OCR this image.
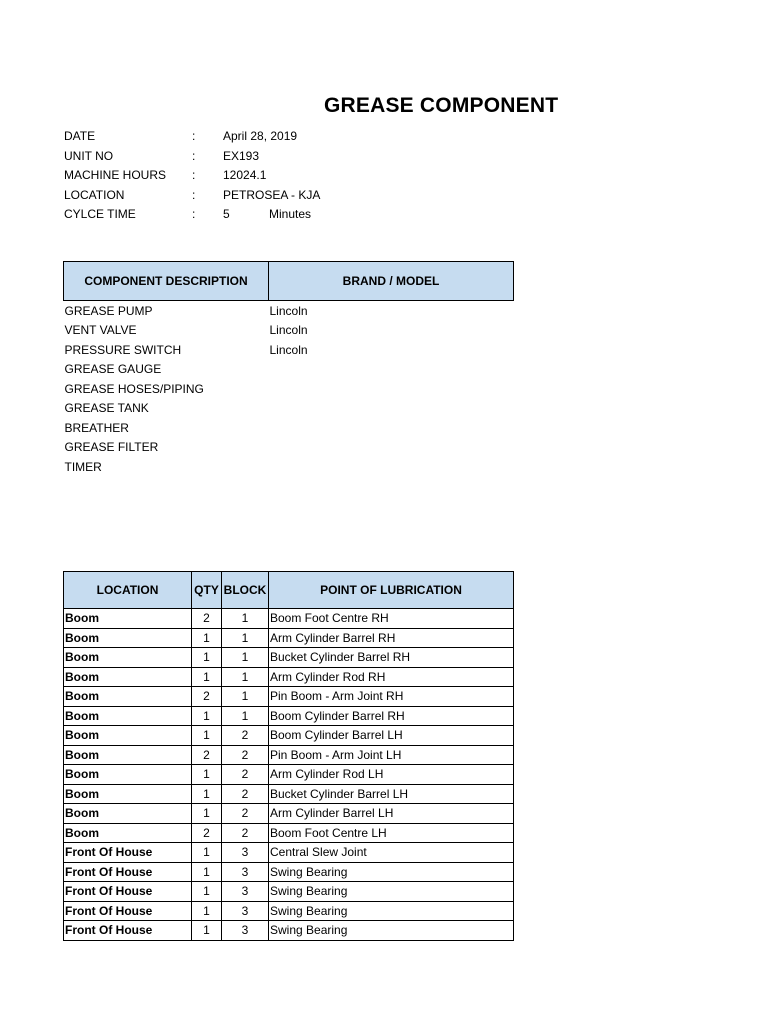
GREASE COMPONENT
DATE	: April 28, 2019
UNIT NO	: EX193
MACHINE HOURS : 12024.1
LOCATION	: PETROSEA - KJA
CYLCE TIME	: 5	Minutes
COMPONENT DESCRIPTION	BRAND / MODEL
GREASE PUMP	Lincoln
VENT VALVE	Lincoln
PRESSURE SWITCH	Lincoln
GREASE GAUGE	
GREASE HOSES/PIPING	
GREASE TANK	
BREATHER	
GREASE FILTER	
TIMER	
LOCATION	QTY	BLOCK	POINT OF LUBRICATION
Boom	2	1	Boom Foot Centre RH
Boom	1	1	Arm Cylinder Barrel RH
Boom	1	1	Bucket Cylinder Barrel RH
Boom	1	1	Arm Cylinder Rod RH
Boom	2	1	Pin Boom - Arm Joint RH
Boom	1	1	Boom Cylinder Barrel RH
Boom	1	2	Boom Cylinder Barrel LH
Boom	2	2	Pin Boom - Arm Joint LH
Boom	1	2	Arm Cylinder Rod LH
Boom	1	2	Bucket Cylinder Barrel LH
Boom	1	2	Arm Cylinder Barrel LH
Boom	2	2	Boom Foot Centre LH
Front Of House	1	3	Central Slew Joint
Front Of House	1	3	Swing Bearing
Front Of House	1	3	Swing Bearing
Front Of House	1	3	Swing Bearing
Front Of House	1	3	Swing Bearing
